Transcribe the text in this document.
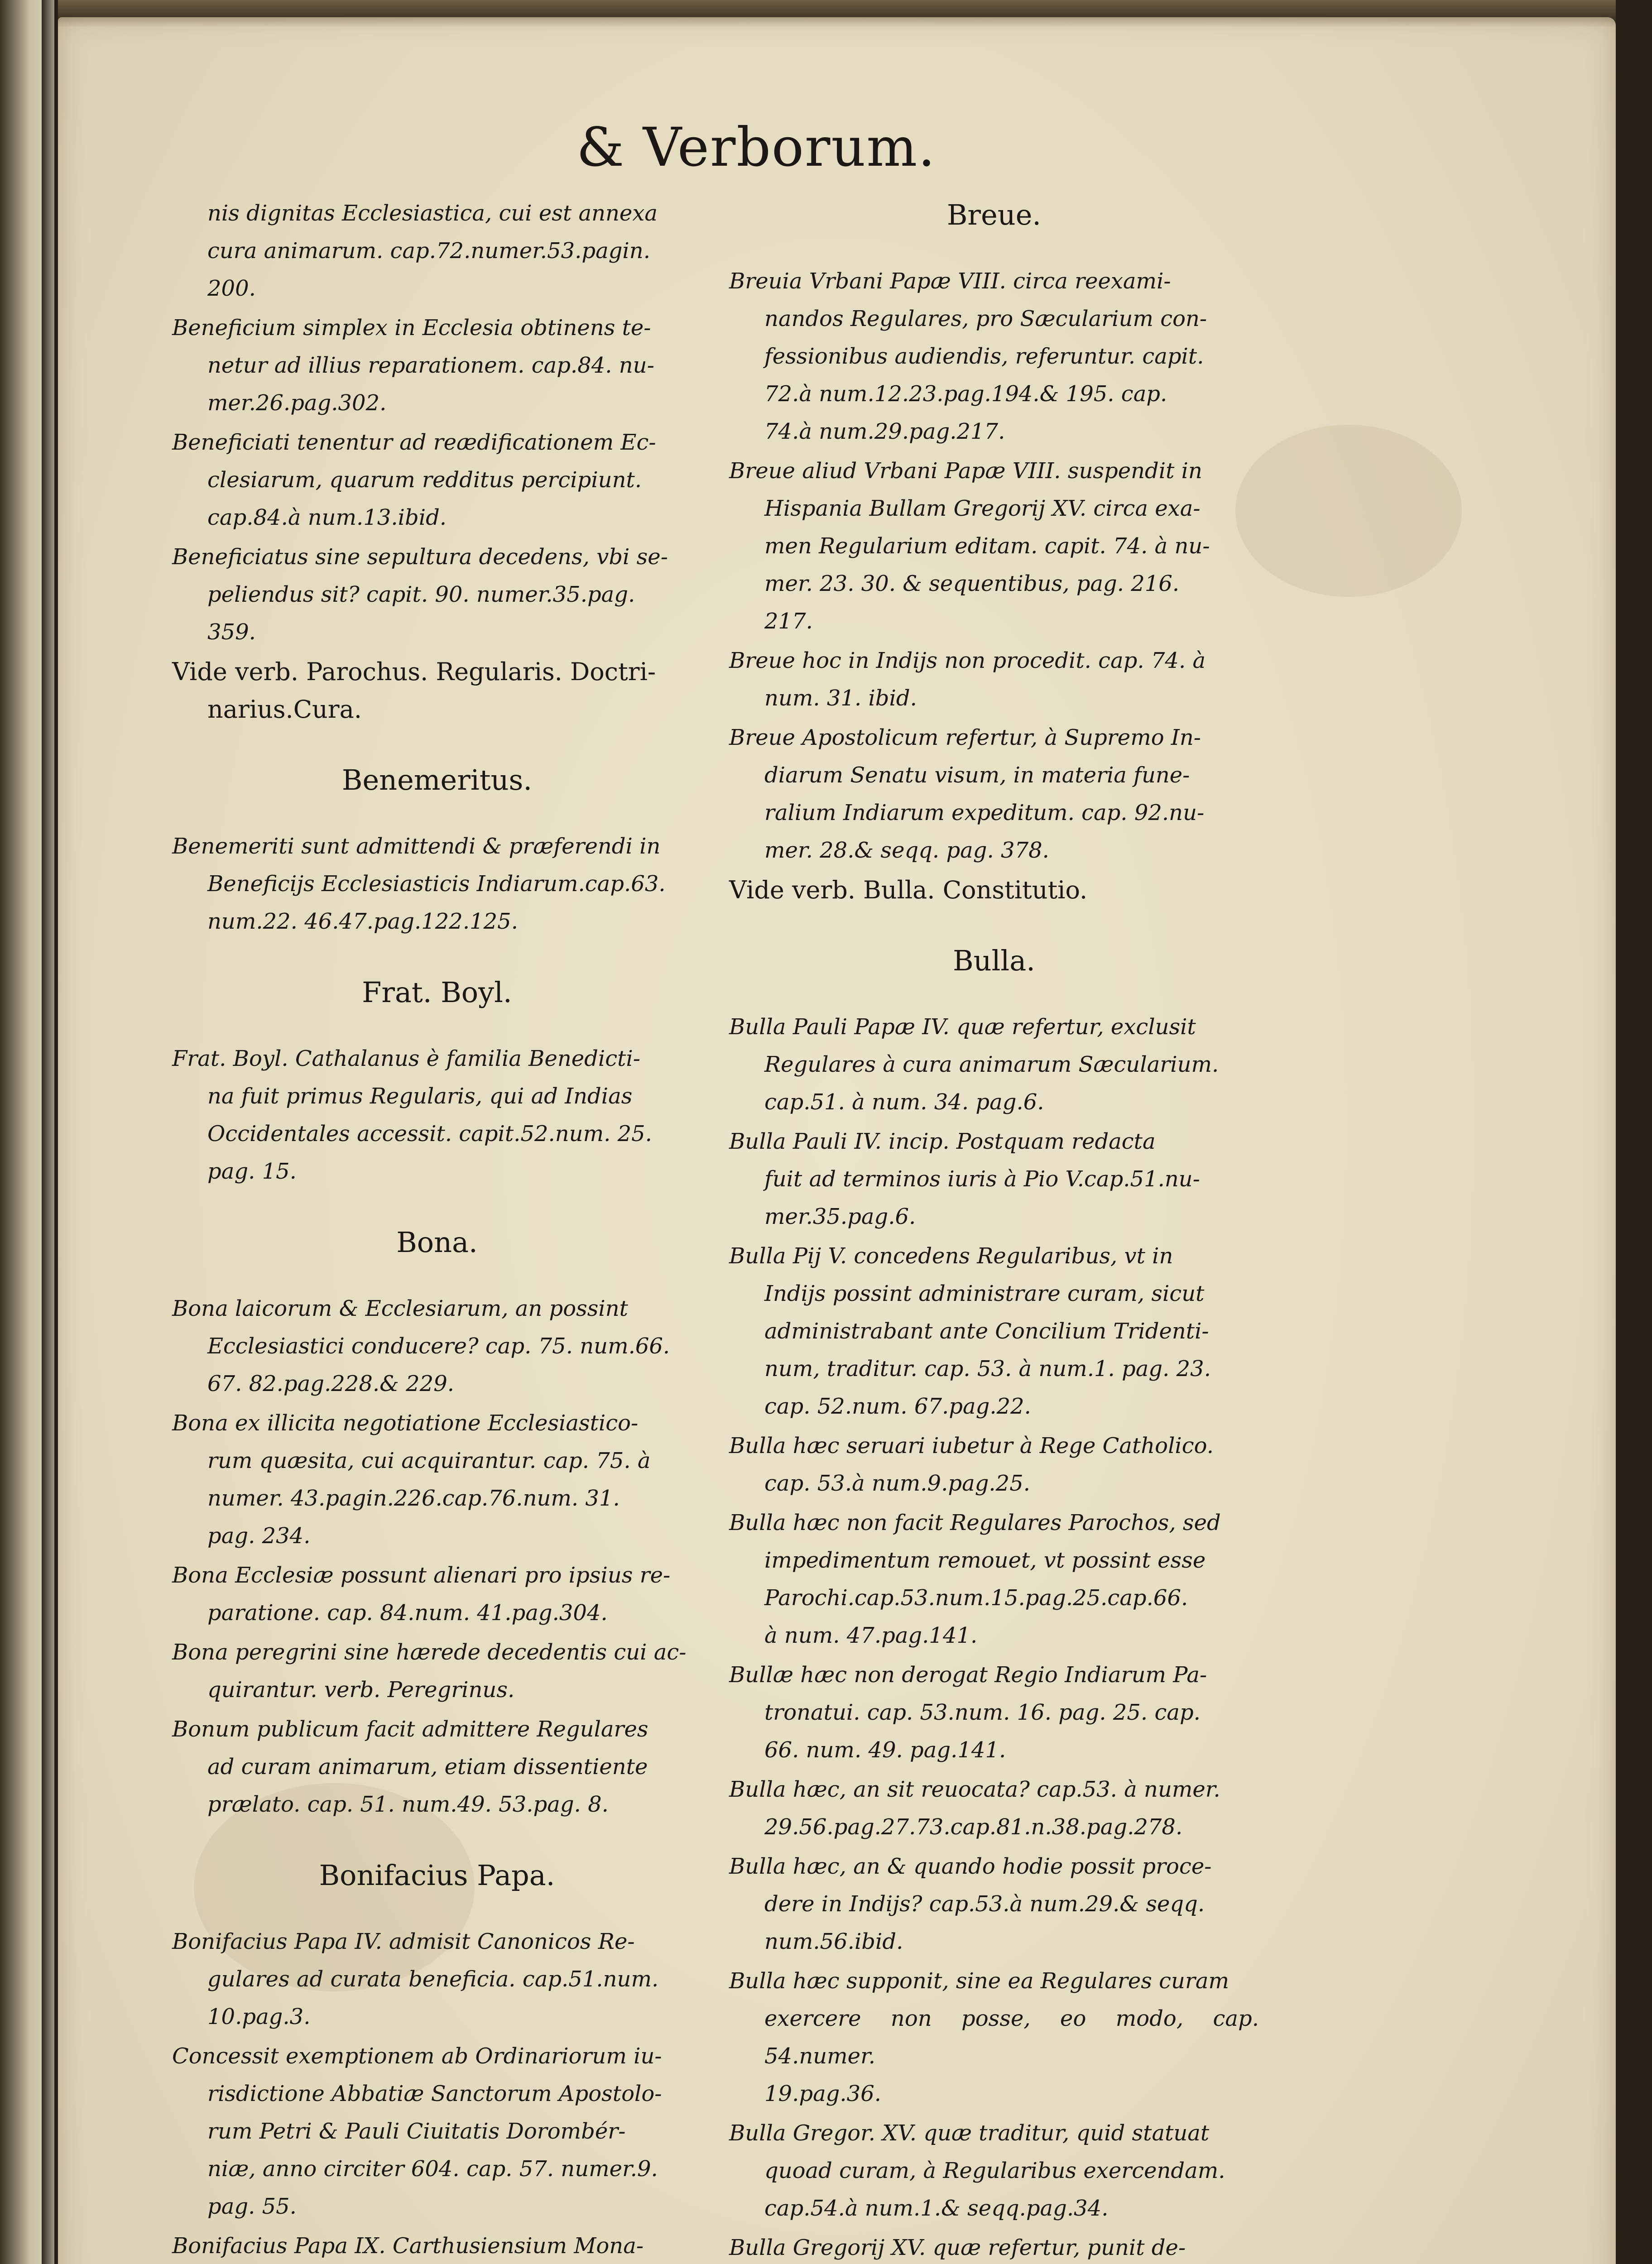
& Verborum.
nis dignitas Ecclesiastica, cui est annexa
cura animarum. cap.72.numer.53.pagin.
200.
Beneficium simplex in Ecclesia obtinens te-
netur ad illius reparationem. cap.84. nu-
mer.26.pag.302.
Beneficiati tenentur ad reædificationem Ec-
clesiarum, quarum redditus percipiunt.
cap.84.à num.13.ibid.
Beneficiatus sine sepultura decedens, vbi se-
peliendus sit? capit. 90. numer.35.pag.
359.
Vide verb. Parochus. Regularis. Doctri-
narius.Cura.
Benemeritus.
Benemeriti sunt admittendi & præferendi in
Beneficijs Ecclesiasticis Indiarum.cap.63.
num.22. 46.47.pag.122.125.
Frat. Boyl.
Frat. Boyl. Cathalanus è familia Benedicti-
na fuit primus Regularis, qui ad Indias
Occidentales accessit. capit.52.num. 25.
pag. 15.
Bona.
Bona laicorum & Ecclesiarum, an possint
Ecclesiastici conducere? cap. 75. num.66.
67. 82.pag.228.& 229.
Bona ex illicita negotiatione Ecclesiastico-
rum quæsita, cui acquirantur. cap. 75. à
numer. 43.pagin.226.cap.76.num. 31.
pag. 234.
Bona Ecclesiæ possunt alienari pro ipsius re-
paratione. cap. 84.num. 41.pag.304.
Bona peregrini sine hærede decedentis cui ac-
quirantur. verb. Peregrinus.
Bonum publicum facit admittere Regulares
ad curam animarum, etiam dissentiente
prælato. cap. 51. num.49. 53.pag. 8.
Bonifacius Papa.
Bonifacius Papa IV. admisit Canonicos Re-
gulares ad curata beneficia. cap.51.num.
10.pag.3.
Concessit exemptionem ab Ordinariorum iu-
risdictione Abbatiæ Sanctorum Apostolo-
rum Petri & Pauli Ciuitatis Dorombér-
niæ, anno circiter 604. cap. 57. numer.9.
pag. 55.
Bonifacius Papa IX. Carthusiensium Mona-

Breue.
Breuia Vrbani Papæ VIII. circa reexami-
nandos Regulares, pro Sæcularium con-
fessionibus audiendis, referuntur. capit.
72.à num.12.23.pag.194.& 195. cap.
74.à num.29.pag.217.
Breue aliud Vrbani Papæ VIII. suspendit in
Hispania Bullam Gregorij XV. circa exa-
men Regularium editam. capit. 74. à nu-
mer. 23. 30. & sequentibus, pag. 216.
217.
Breue hoc in Indijs non procedit. cap. 74. à
num. 31. ibid.
Breue Apostolicum refertur, à Supremo In-
diarum Senatu visum, in materia fune-
ralium Indiarum expeditum. cap. 92.nu-
mer. 28.& seqq. pag. 378.
Vide verb. Bulla. Constitutio.
Bulla.
Bulla Pauli Papæ IV. quæ refertur, exclusit
Regulares à cura animarum Sæcularium.
cap.51. à num. 34. pag.6.
Bulla Pauli IV. incip. Postquam redacta
fuit ad terminos iuris à Pio V.cap.51.nu-
mer.35.pag.6.
Bulla Pij V. concedens Regularibus, vt in
Indijs possint administrare curam, sicut
administrabant ante Concilium Tridenti-
num, traditur. cap. 53. à num.1. pag. 23.
cap. 52.num. 67.pag.22.
Bulla hæc seruari iubetur à Rege Catholico.
cap. 53.à num.9.pag.25.
Bulla hæc non facit Regulares Parochos, sed
impedimentum remouet, vt possint esse
Parochi.cap.53.num.15.pag.25.cap.66.
à num. 47.pag.141.
Bullæ hæc non derogat Regio Indiarum Pa-
tronatui. cap. 53.num. 16. pag. 25. cap.
66. num. 49. pag.141.
Bulla hæc, an sit reuocata? cap.53. à numer.
29.56.pag.27.73.cap.81.n.38.pag.278.
Bulla hæc, an & quando hodie possit proce-
dere in Indijs? cap.53.à num.29.& seqq.
num.56.ibid.
Bulla hæc supponit, sine ea Regulares curam
exercere non posse, eo modo, cap. 54.numer.
19.pag.36.
Bulla Gregor. XV. quæ traditur, quid statuat
quoad curam, à Regularibus exercendam.
cap.54.à num.1.& seqq.pag.34.
Bulla Gregorij XV. quæ refertur, punit de-
